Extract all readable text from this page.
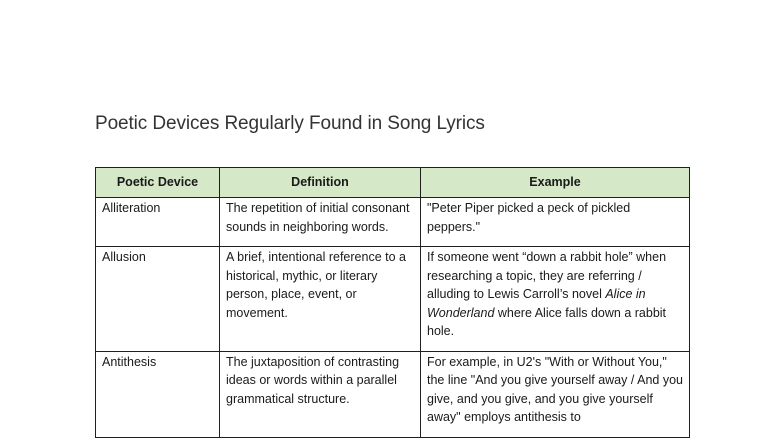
Poetic Devices Regularly Found in Song Lyrics
Poetic Device	Definition	Example
Alliteration	The repetition of initial consonant sounds in neighboring words.	"Peter Piper picked a peck of pickled peppers."
Allusion	A brief, intentional reference to a historical, mythic, or literary person, place, event, or movement.	If someone went “down a rabbit hole” when researching a topic, they are referring / alluding to Lewis Carroll’s novel Alice in Wonderland where Alice falls down a rabbit hole.
Antithesis	The juxtaposition of contrasting ideas or words within a parallel grammatical structure.	For example, in U2's "With or Without You," the line "And you give yourself away / And you give, and you give, and you give yourself away" employs antithesis to
